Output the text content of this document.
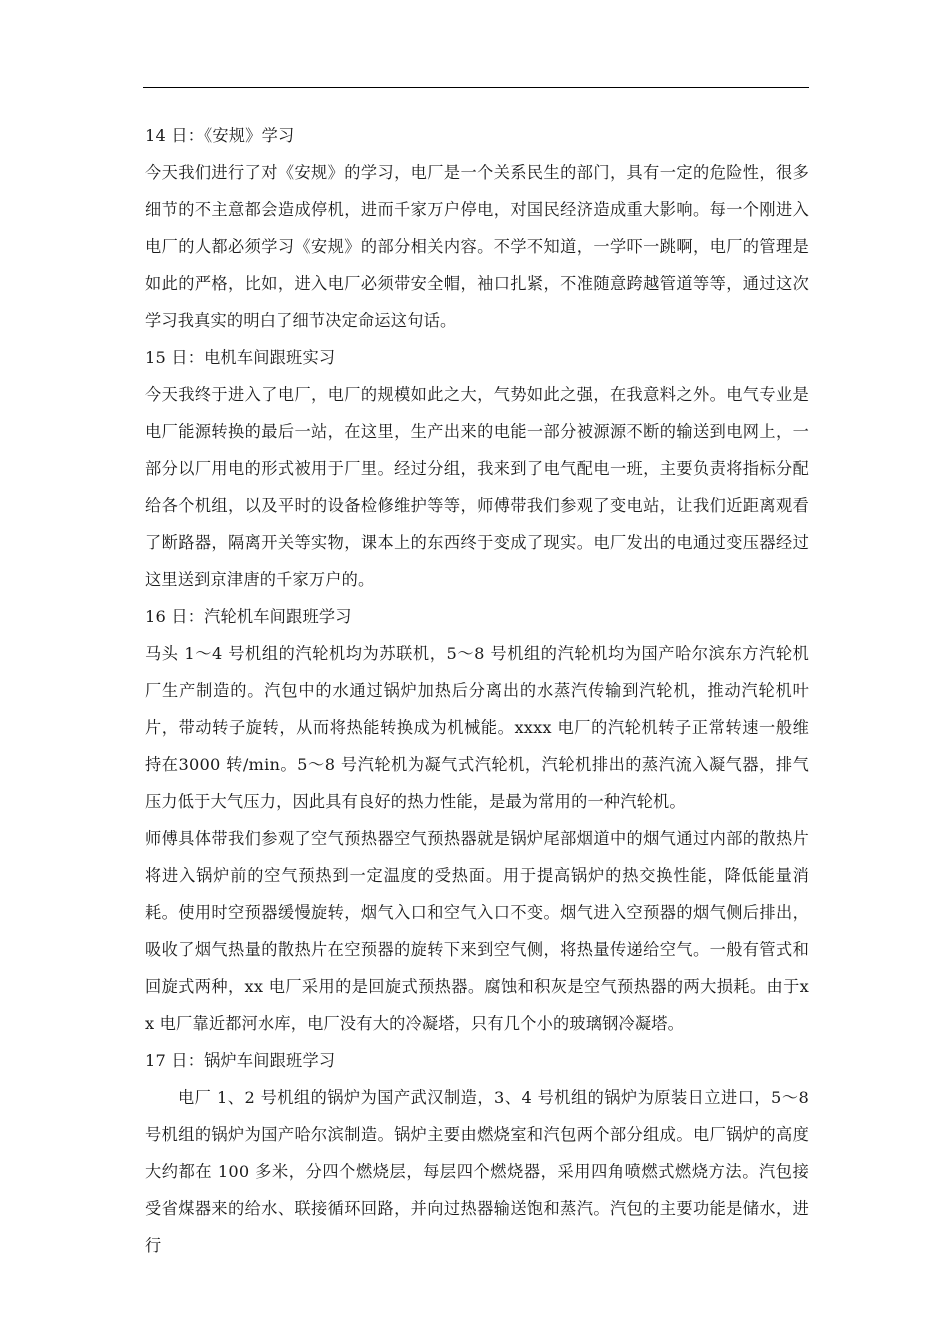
14 日：《安规》学习

今天我们进行了对《安规》的学习，电厂是一个关系民生的部门，具有一定的危险性，很多细节的不主意都会造成停机，进而千家万户停电，对国民经济造成重大影响。每一个刚进入电厂的人都必须学习《安规》的部分相关内容。不学不知道，一学吓一跳啊，电厂的管理是如此的严格，比如，进入电厂必须带安全帽，袖口扎紧，不准随意跨越管道等等，通过这次学习我真实的明白了细节决定命运这句话。

15 日：电机车间跟班实习

今天我终于进入了电厂，电厂的规模如此之大，气势如此之强，在我意料之外。电气专业是电厂能源转换的最后一站，在这里，生产出来的电能一部分被源源不断的输送到电网上，一部分以厂用电的形式被用于厂里。经过分组，我来到了电气配电一班，主要负责将指标分配给各个机组，以及平时的设备检修维护等等，师傅带我们参观了变电站，让我们近距离观看了断路器，隔离开关等实物，课本上的东西终于变成了现实。电厂发出的电通过变压器经过这里送到京津唐的千家万户的。

16 日：汽轮机车间跟班学习

马头 1～4 号机组的汽轮机均为苏联机，5～8 号机组的汽轮机均为国产哈尔滨东方汽轮机厂生产制造的。汽包中的水通过锅炉加热后分离出的水蒸汽传输到汽轮机，推动汽轮机叶片，带动转子旋转，从而将热能转换成为机械能。xxxx 电厂的汽轮机转子正常转速一般维持在3000 转/min。5～8 号汽轮机为凝气式汽轮机，汽轮机排出的蒸汽流入凝气器，排气压力低于大气压力，因此具有良好的热力性能，是最为常用的一种汽轮机。

师傅具体带我们参观了空气预热器空气预热器就是锅炉尾部烟道中的烟气通过内部的散热片将进入锅炉前的空气预热到一定温度的受热面。用于提高锅炉的热交换性能，降低能量消耗。使用时空预器缓慢旋转，烟气入口和空气入口不变。烟气进入空预器的烟气侧后排出，吸收了烟气热量的散热片在空预器的旋转下来到空气侧，将热量传递给空气。一般有管式和回旋式两种，xx 电厂采用的是回旋式预热器。腐蚀和积灰是空气预热器的两大损耗。由于xx 电厂靠近都河水库，电厂没有大的冷凝塔，只有几个小的玻璃钢冷凝塔。

17 日：锅炉车间跟班学习

电厂 1、2 号机组的锅炉为国产武汉制造，3、4 号机组的锅炉为原装日立进口，5～8号机组的锅炉为国产哈尔滨制造。锅炉主要由燃烧室和汽包两个部分组成。电厂锅炉的高度大约都在 100 多米，分四个燃烧层，每层四个燃烧器，采用四角喷燃式燃烧方法。汽包接受省煤器来的给水、联接循环回路，并向过热器输送饱和蒸汽。汽包的主要功能是储水，进行
